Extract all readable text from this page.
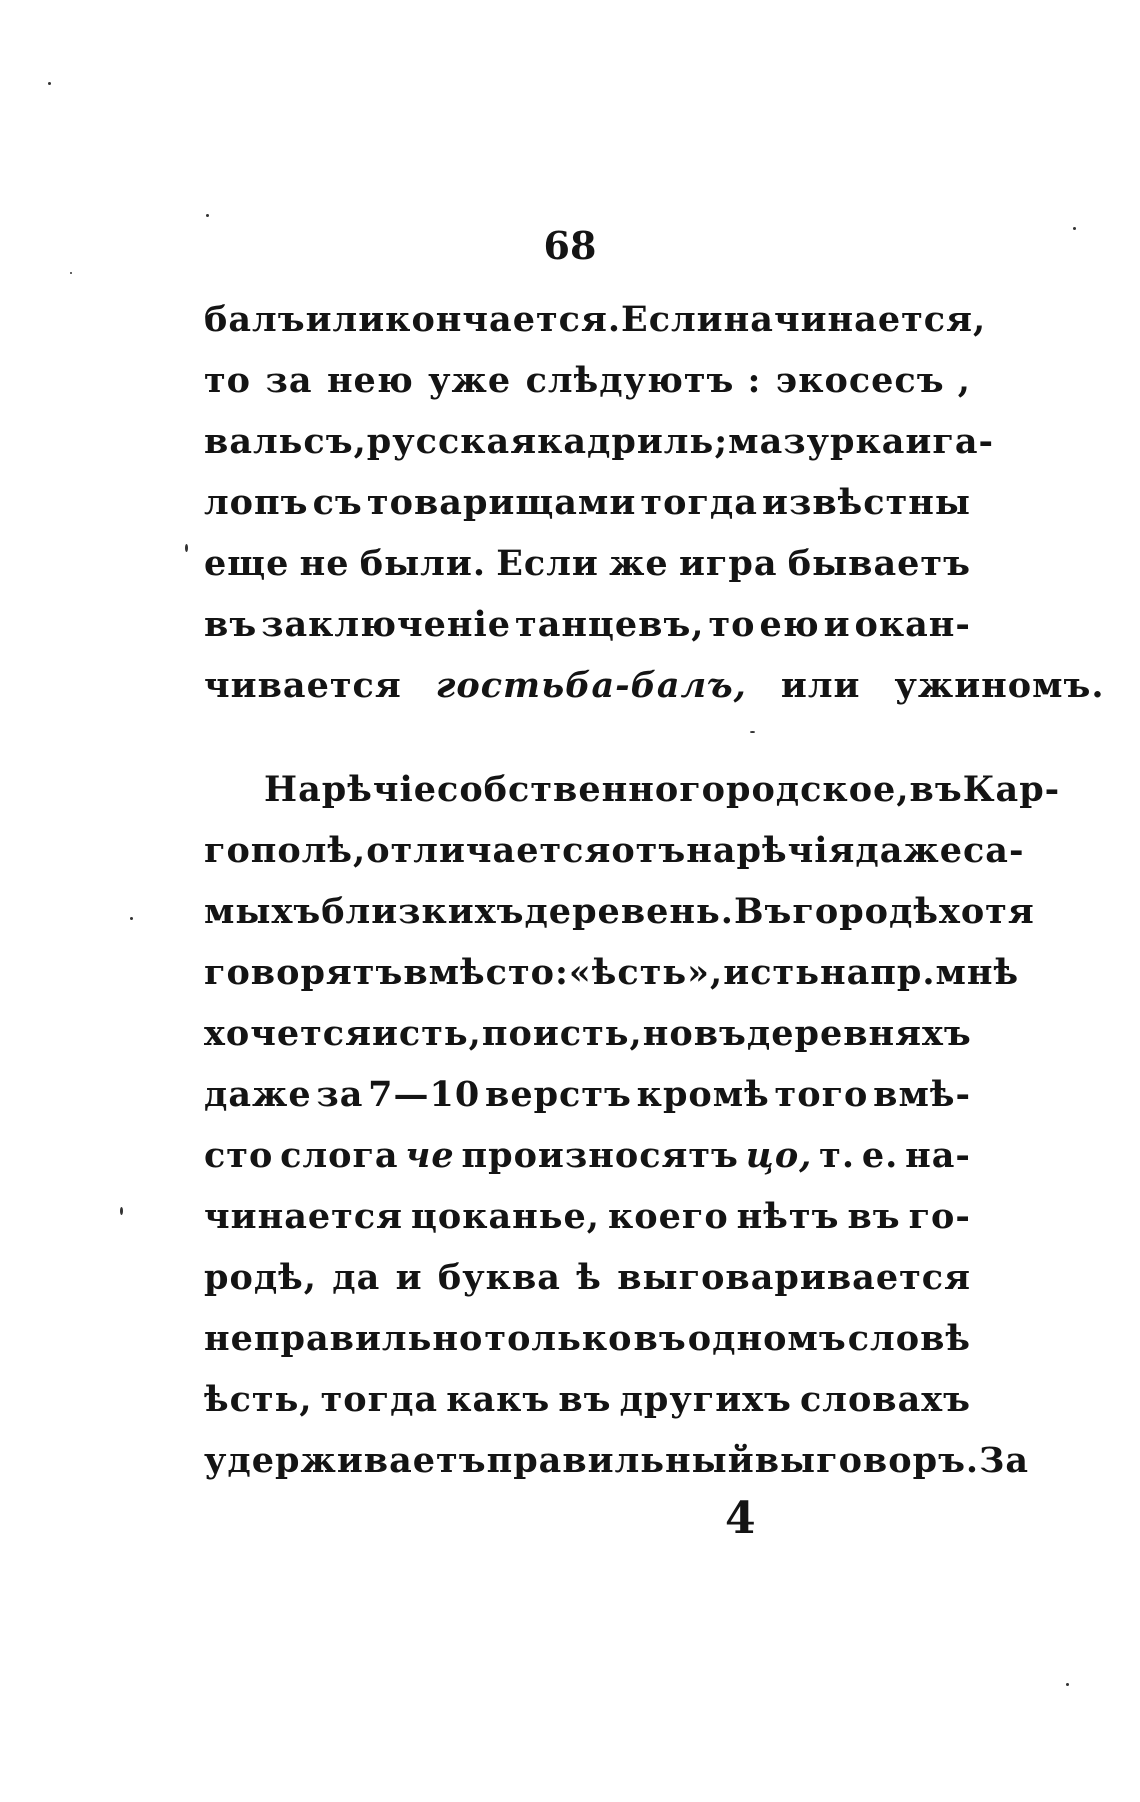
68
балъ или кончается. Если начинается,
то за нею уже слѣдуютъ : экосесъ ,
вальсъ, русская кадриль; мазурка и га-
лопъ съ товарищами тогда извѣстны
еще не были. Если же игра бываетъ
въ заключеніе танцевъ, то ею и окан-
чивается гостьба-балъ, или ужиномъ.
Нарѣчіе собственно городское, въ Кар-
гополѣ, отличается отъ нарѣчія даже са-
мыхъ близкихъ деревень. Въ городѣ хотя
говорятъ вмѣсто: «ѣсть», исть напр. мнѣ
хочется исть, поисть, но въ деревняхъ
даже за 7—10 верстъ кромѣ того вмѣ-
сто слога че произносятъ цо, т. е. на-
чинается цоканье, коего нѣтъ въ го-
родѣ, да и буква ѣ выговаривается
неправильно только въ одномъ словѣ
ѣсть, тогда какъ въ другихъ словахъ
удерживаетъ правильный выговоръ. За
4
